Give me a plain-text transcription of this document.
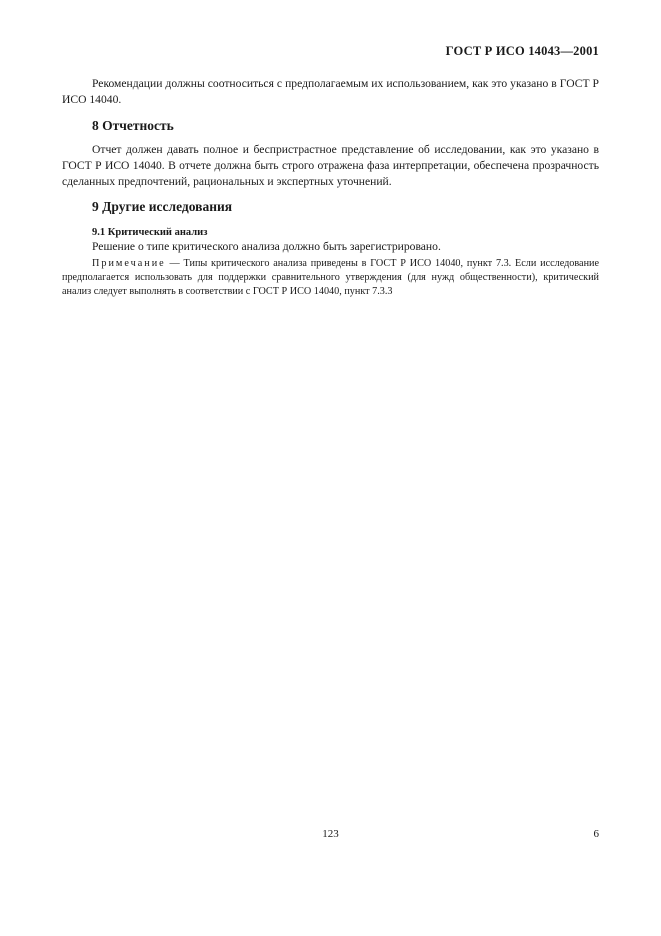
ГОСТ Р ИСО 14043—2001

Рекомендации должны соотноситься с предполагаемым их использованием, как это указано в ГОСТ Р ИСО 14040.

8 Отчетность

Отчет должен давать полное и беспристрастное представление об исследовании, как это указано в ГОСТ Р ИСО 14040. В отчете должна быть строго отражена фаза интерпретации, обеспечена прозрачность сделанных предпочтений, рациональных и экспертных уточнений.

9 Другие исследования
9.1 Критический анализ

Решение о типе критического анализа должно быть зарегистрировано.

Примечание — Типы критического анализа приведены в ГОСТ Р ИСО 14040, пункт 7.3. Если исследование предполагается использовать для поддержки сравнительного утверждения (для нужд общественности), критический анализ следует выполнять в соответствии с ГОСТ Р ИСО 14040, пункт 7.3.3

123	6
